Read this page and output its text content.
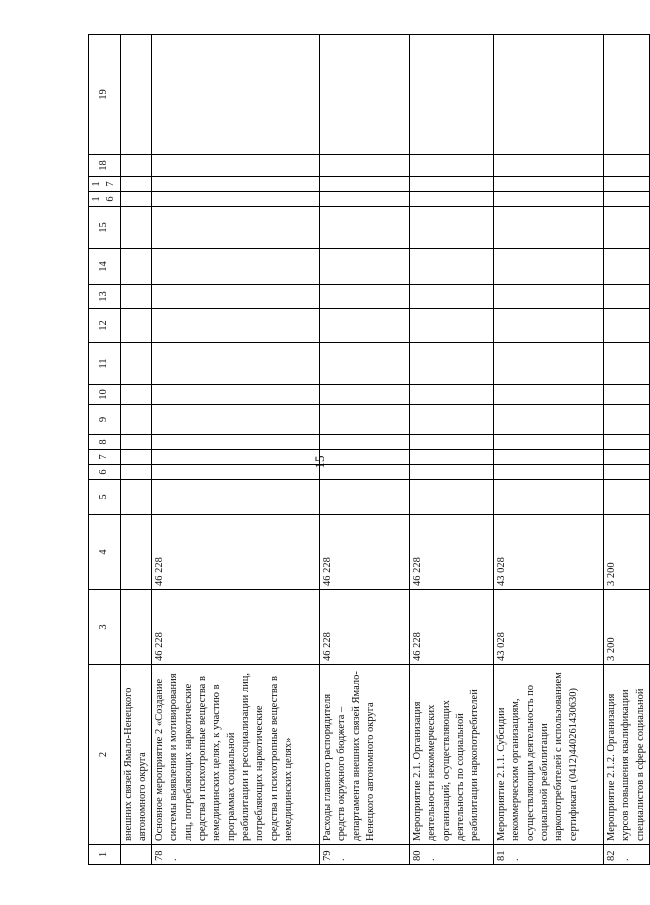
15
1	2	3	4	5	6	7	8	9	10	11	12	13	14	15	16	17	18	19
	внешних связей Ямало-Ненецкого автономного округа																	
78.	Основное мероприятие 2 «Создание системы выявления и мотивирования лиц, потребляющих наркотические средства и психотропные вещества в немедицинских целях, к участию в программах социальной реабилитации и ресоциализации лиц, потребляющих наркотические средства и психотропные вещества в немедицинских целях»	46 228	46 228															
79.	Расходы главного распорядителя средств окружного бюджета – департамента внешних связей Ямало-Ненецкого автономного округа	46 228	46 228															
80.	Мероприятие 2.1. Организация деятельности некоммерческих организаций, осуществляющих деятельность по социальной реабилитации наркопотребителей	46 228	46 228															
81.	Мероприятие 2.1.1. Субсидии некоммерческим организациям, осуществляющим деятельность по социальной реабилитации наркопотребителей с использованием сертификата (0412)440261430630)	43 028	43 028															
82.	Мероприятие 2.1.2. Организация курсов повышения квалификации специалистов в сфере социальной	3 200	3 200															
